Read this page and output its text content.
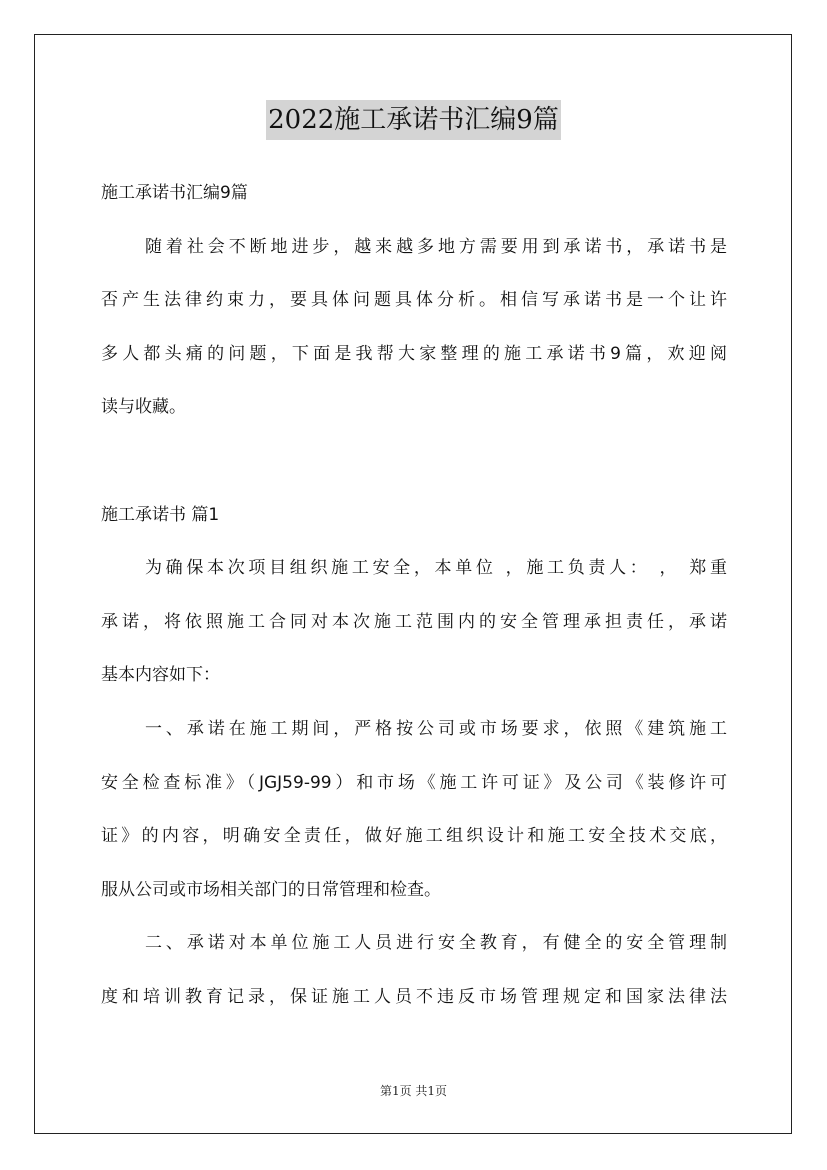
2022施工承诺书汇编9篇
施工承诺书汇编9篇
随着社会不断地进步，越来越多地方需要用到承诺书，承诺书是
否产生法律约束力，要具体问题具体分析。相信写承诺书是一个让许
多人都头痛的问题，下面是我帮大家整理的施工承诺书9篇，欢迎阅
读与收藏。
施工承诺书 篇1
为确保本次项目组织施工安全，本单位 ，施工负责人： ， 郑重
承诺，将依照施工合同对本次施工范围内的安全管理承担责任，承诺
基本内容如下：
一、承诺在施工期间，严格按公司或市场要求，依照《建筑施工
安全检查标准》（JGJ59-99）和市场《施工许可证》及公司《装修许可
证》的内容，明确安全责任，做好施工组织设计和施工安全技术交底，
服从公司或市场相关部门的日常管理和检查。
二、承诺对本单位施工人员进行安全教育，有健全的安全管理制
度和培训教育记录，保证施工人员不违反市场管理规定和国家法律法
第1页 共1页
